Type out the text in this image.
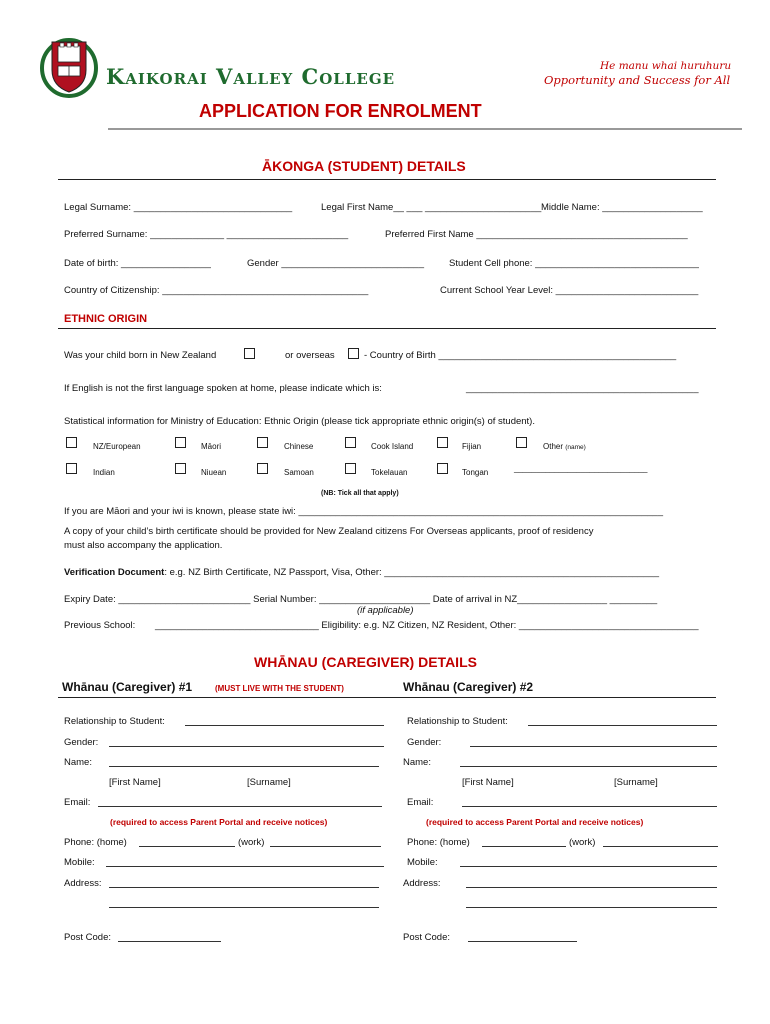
Kaikorai Valley College	He manu whai huruhuru
Opportunity and Success for All
APPLICATION FOR ENROLMENT
ĀKONGA (STUDENT) DETAILS
Legal Surname: ______________________________	Legal First Name__ ___ ______________________ Middle Name: ___________________
Preferred Surname: ______________ _______________________	Preferred First Name ________________________________________
Date of birth: _________________	Gender ___________________________	Student Cell phone: _______________________________
Country of Citizenship: _______________________________________	Current School Year Level: ___________________________
ETHNIC ORIGIN
Was your child born in New Zealand	or overseas	- Country of Birth _____________________________________________
If English is not the first language spoken at home, please indicate which is:	____________________________________________
Statistical information for Ministry of Education: Ethnic Origin (please tick appropriate ethnic origin(s) of student).
NZ/European	Māori	Chinese	Cook Island	Fijian	Other (name)
Indian	Niuean	Samoan	Tokelauan	Tongan	______________________________
(NB: Tick all that apply)
If you are Māori and your iwi is known, please state iwi: _____________________________________________________________________
A copy of your child’s birth certificate should be provided for New Zealand citizens For Overseas applicants, proof of residency
must also accompany the application.
Verification Document: e.g. NZ Birth Certificate, NZ Passport, Visa, Other: ____________________________________________________
Expiry Date: _________________________ Serial Number: _____________________ Date of arrival in NZ_________________ _________
(if applicable)
Previous School: _______________________________ Eligibility: e.g. NZ Citizen, NZ Resident, Other: __________________________________
WHĀNAU (CAREGIVER) DETAILS
Whānau (Caregiver) #1	(MUST LIVE WITH THE STUDENT)	Whānau (Caregiver) #2
Relationship to Student:
Gender:
Name:
[First Name]	[Surname]
Email:
(required to access Parent Portal and receive notices)
Phone: (home)	(work)
Mobile:
Address:
Post Code:
Relationship to Student:
Gender:
Name:
[First Name]	[Surname]
Email:
(required to access Parent Portal and receive notices)
Phone: (home)	(work)
Mobile:
Address:
Post Code:
